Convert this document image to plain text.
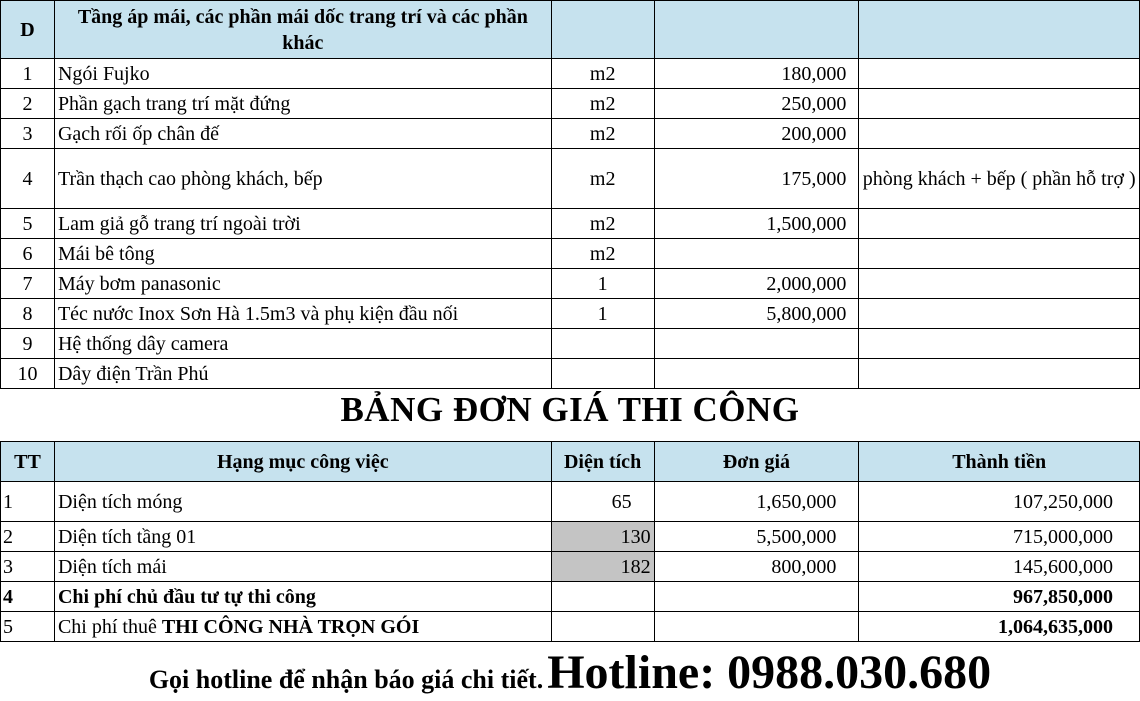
D	Tầng áp mái, các phần mái dốc trang trí và các phần khác			
1	Ngói Fujko	m2	180,000	
2	Phần gạch trang trí mặt đứng	m2	250,000	
3	Gạch rối ốp chân đế	m2	200,000	
4	Trần thạch cao phòng khách, bếp	m2	175,000	phòng khách + bếp ( phần hỗ trợ )
5	Lam giả gỗ trang trí ngoài trời	m2	1,500,000	
6	Mái bê tông	m2		
7	Máy bơm panasonic	1	2,000,000	
8	Téc nước Inox Sơn Hà 1.5m3 và phụ kiện đầu nối	1	5,800,000	
9	Hệ thống dây camera			
10	Dây điện Trần Phú			
BẢNG ĐƠN GIÁ THI CÔNG
TT	Hạng mục công việc	Diện tích	Đơn giá	Thành tiền
1	Diện tích móng	65	1,650,000	107,250,000
2	Diện tích tầng 01	130	5,500,000	715,000,000
3	Diện tích mái	182	800,000	145,600,000
4	Chi phí chủ đầu tư tự thi công			967,850,000
5	Chi phí thuê THI CÔNG NHÀ TRỌN GÓI			1,064,635,000
Gọi hotline để nhận báo giá chi tiết. Hotline: 0988.030.680
